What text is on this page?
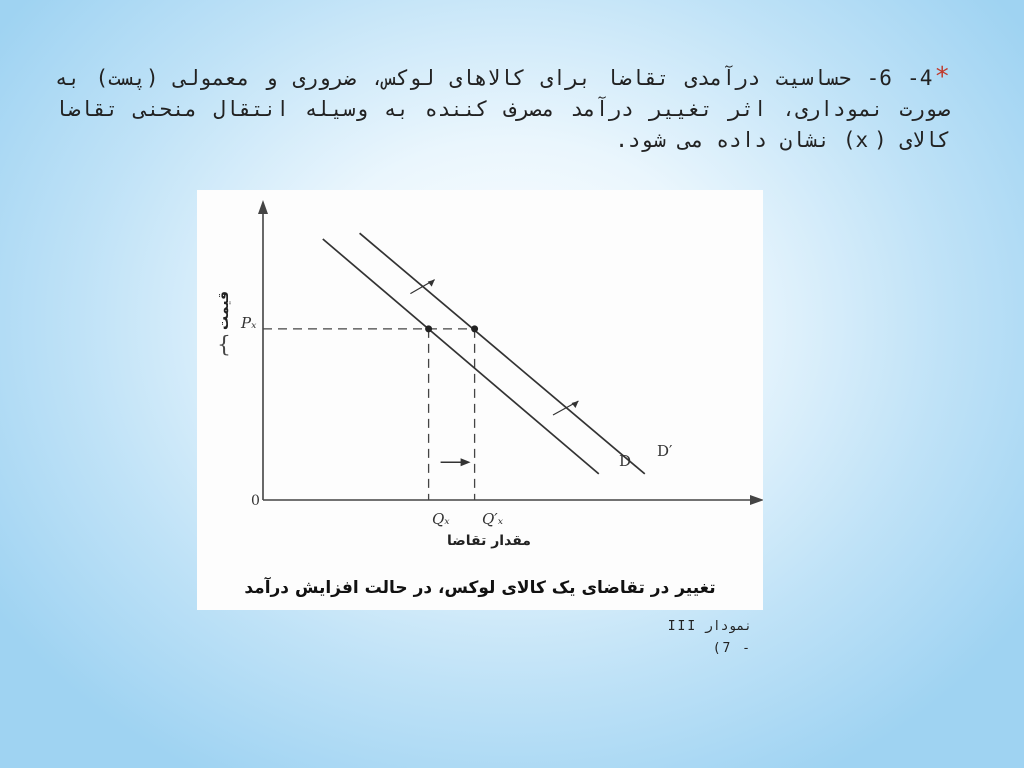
*4- 6- حساسیت درآمدی تقاضا برای کالاهای لوکس، ضروری و معمولی (پست) به صورت نموداری، اثر تغییر درآمد مصرف کننده به وسیله انتقال منحنی تقاضا کالای (x) نشان داده می شود.
{
Pₓ
0
Qₓ Q′ₓ
D
D′
قیمت
مقدار تقاضا
تغییر در تقاضای یک کالای لوکس، در حالت افزایش درآمد
نمودار III
- 7)
